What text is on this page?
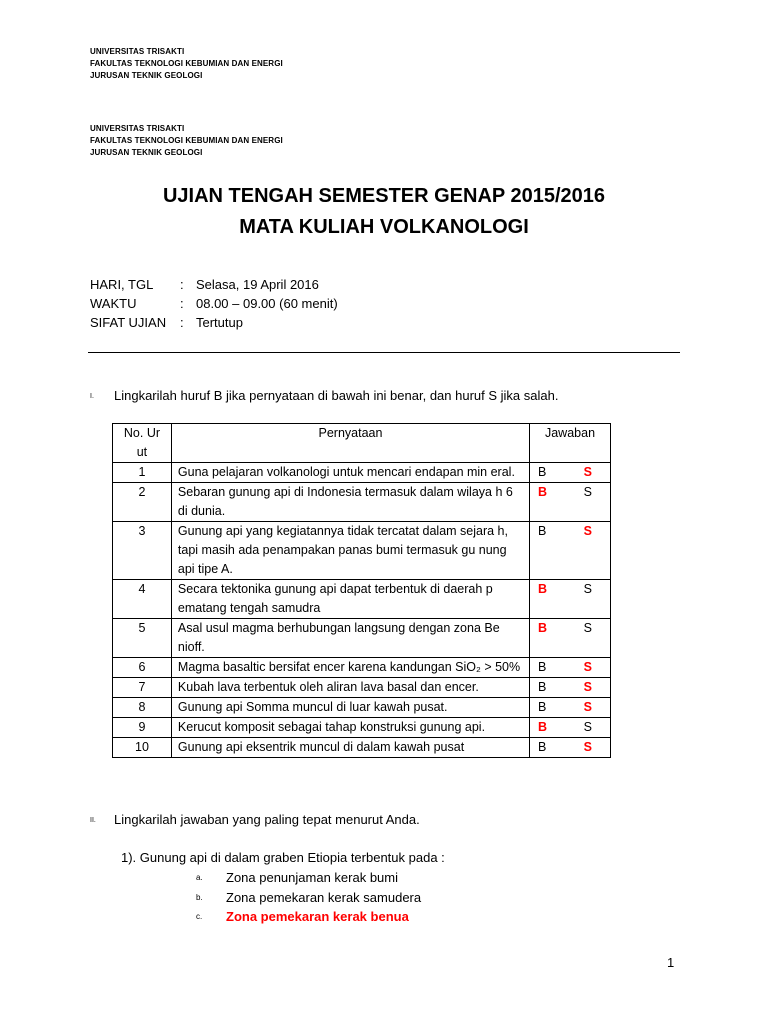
UNIVERSITAS TRISAKTI
FAKULTAS TEKNOLOGI KEBUMIAN DAN ENERGI
JURUSAN TEKNIK GEOLOGI
UNIVERSITAS TRISAKTI
FAKULTAS TEKNOLOGI KEBUMIAN DAN ENERGI
JURUSAN TEKNIK GEOLOGI
UJIAN TENGAH SEMESTER GENAP 2015/2016
MATA KULIAH VOLKANOLOGI
HARI, TGL	: Selasa, 19 April 2016
WAKTU	: 08.00 – 09.00 (60 menit)
SIFAT UJIAN	: Tertutup
I. Lingkarilah huruf B jika pernyataan di bawah ini benar, dan huruf S jika salah.
No. Ur ut	Pernyataan	Jawaban
1	Guna pelajaran volkanologi untuk mencari endapan min eral.	B S

2	Sebaran gunung api di Indonesia termasuk dalam wilaya h 6 di dunia.	B S

3	Gunung api yang kegiatannya tidak tercatat dalam sejara h, tapi masih ada penampakan panas bumi termasuk gu nung api tipe A.	B S

4	Secara tektonika gunung api dapat terbentuk di daerah p ematang tengah samudra	B S

5	Asal usul magma berhubungan langsung dengan zona Be nioff.	B S

6	Magma basaltic bersifat encer karena kandungan SiO₂ > 50%	B S

7	Kubah lava terbentuk oleh aliran lava basal dan encer.	B S

8	Gunung api Somma muncul di luar kawah pusat.	B S

9	Kerucut komposit sebagai tahap konstruksi gunung api.	B S

10	Gunung api eksentrik muncul di dalam kawah pusat	B S
II. Lingkarilah jawaban yang paling tepat menurut Anda.
1). Gunung api di dalam graben Etiopia terbentuk pada :
a.	Zona penunjaman kerak bumi
b.	Zona pemekaran kerak samudera
c.	Zona pemekaran kerak benua
1
